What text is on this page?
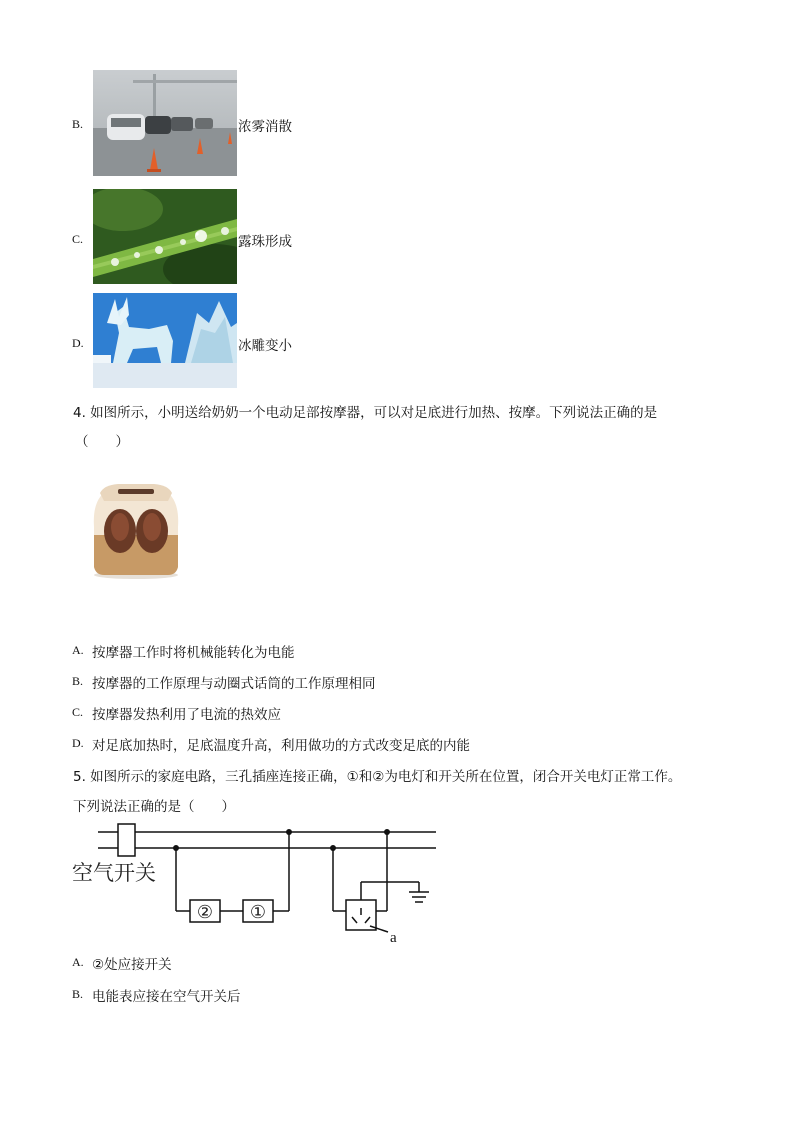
B.	浓雾消散
C.	露珠形成
D.	冰雕变小
4. 如图所示，小明送给奶奶一个电动足部按摩器，可以对足底进行加热、按摩。下列说法正确的是
（　　）
A. 按摩器工作时将机械能转化为电能
B. 按摩器的工作原理与动圈式话筒的工作原理相同
C. 按摩器发热利用了电流的热效应
D. 对足底加热时，足底温度升高，利用做功的方式改变足底的内能
5. 如图所示的家庭电路，三孔插座连接正确，①和②为电灯和开关所在位置，闭合开关电灯正常工作。
下列说法正确的是（　　）
空气开关
② ①
a
A. ②处应接开关
B. 电能表应接在空气开关后
